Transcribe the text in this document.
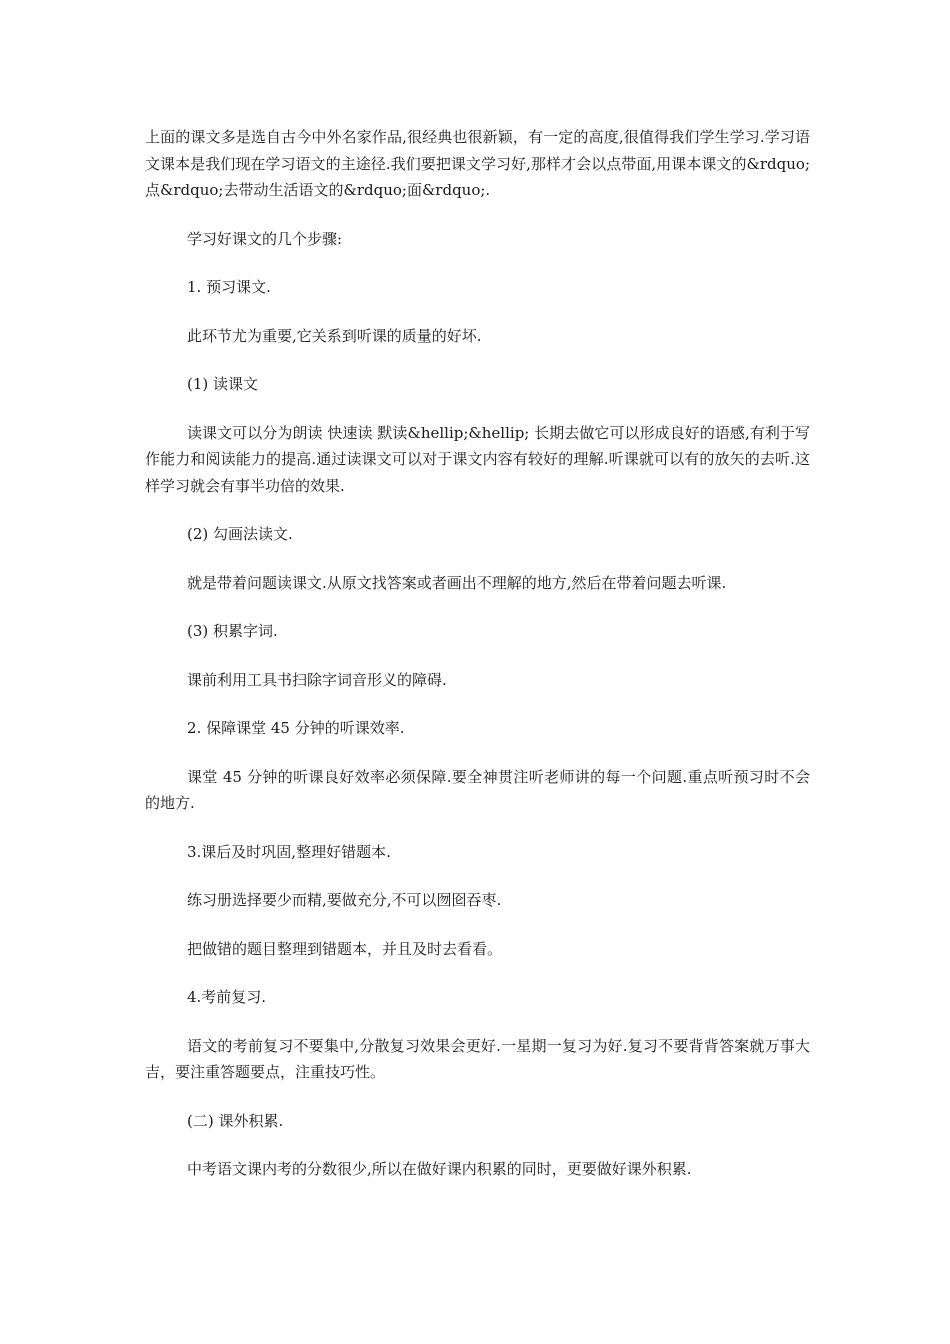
上面的课文多是选自古今中外名家作品,很经典也很新颖，有一定的高度,很值得我们学生学习.学习语文课本是我们现在学习语文的主途径.我们要把课文学习好,那样才会以点带面,用课本课文的&rdquo;点&rdquo;去带动生活语文的&rdquo;面&rdquo;.

学习好课文的几个步骤:

1. 预习课文.

此环节尤为重要,它关系到听课的质量的好坏.

(1) 读课文

读课文可以分为朗读 快速读 默读&hellip;&hellip; 长期去做它可以形成良好的语感,有利于写作能力和阅读能力的提高.通过读课文可以对于课文内容有较好的理解.听课就可以有的放矢的去听.这样学习就会有事半功倍的效果.

(2) 勾画法读文.

就是带着问题读课文.从原文找答案或者画出不理解的地方,然后在带着问题去听课.

(3) 积累字词.

课前利用工具书扫除字词音形义的障碍.

2. 保障课堂 45 分钟的听课效率.

课堂 45 分钟的听课良好效率必须保障.要全神贯注听老师讲的每一个问题.重点听预习时不会的地方.

3.课后及时巩固,整理好错题本.

练习册选择要少而精,要做充分,不可以囫囵吞枣.

把做错的题目整理到错题本，并且及时去看看。

4.考前复习.

语文的考前复习不要集中,分散复习效果会更好.一星期一复习为好.复习不要背背答案就万事大吉，要注重答题要点，注重技巧性。

(二) 课外积累.

中考语文课内考的分数很少,所以在做好课内积累的同时，更要做好课外积累.
